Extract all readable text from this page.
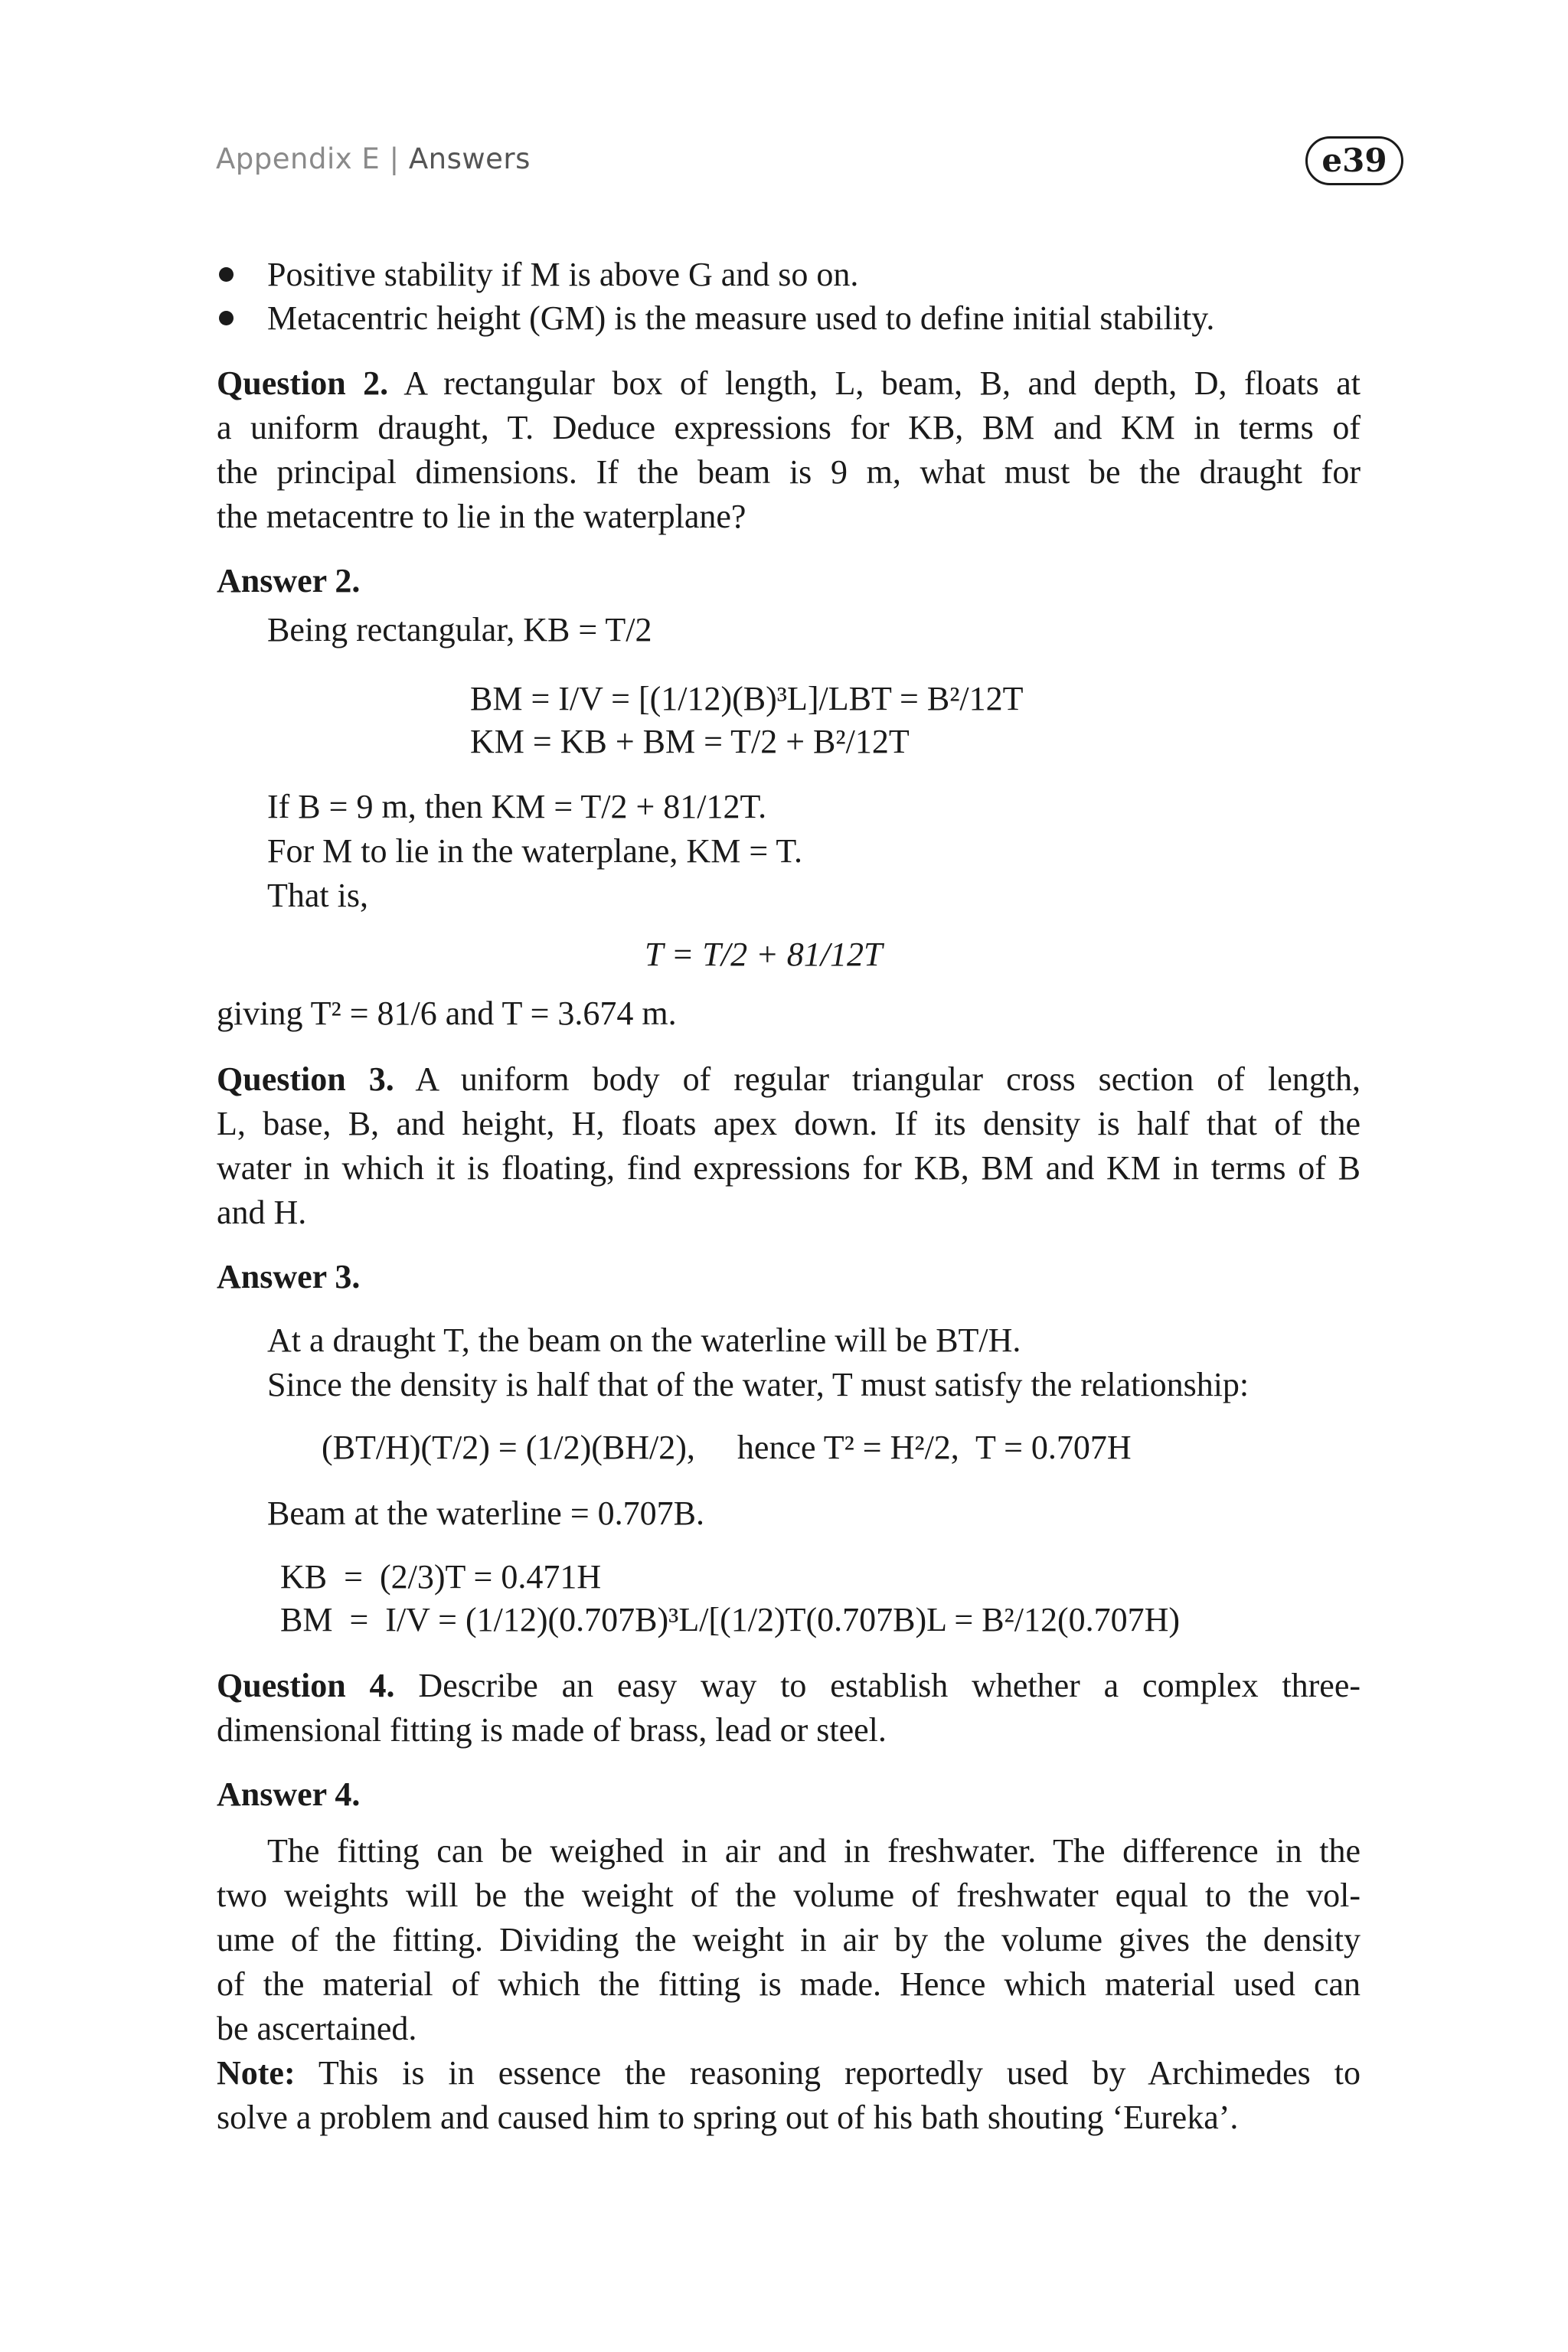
Appendix E | Answers	e39
Positive stability if M is above G and so on.
Metacentric height (GM) is the measure used to define initial stability.
Question 2. A rectangular box of length, L, beam, B, and depth, D, floats at
a uniform draught, T. Deduce expressions for KB, BM and KM in terms of
the principal dimensions. If the beam is 9 m, what must be the draught for
the metacentre to lie in the waterplane?
Answer 2.
Being rectangular, KB = T/2
BM = I/V = [(1/12)(B)³L]/LBT = B²/12T
KM = KB + BM = T/2 + B²/12T
If B = 9 m, then KM = T/2 + 81/12T.
For M to lie in the waterplane, KM = T.
That is,
T = T/2 + 81/12T
giving T² = 81/6 and T = 3.674 m.
Question 3. A uniform body of regular triangular cross section of length,
L, base, B, and height, H, floats apex down. If its density is half that of the
water in which it is floating, find expressions for KB, BM and KM in terms of B
and H.
Answer 3.
At a draught T, the beam on the waterline will be BT/H.
Since the density is half that of the water, T must satisfy the relationship:
(BT/H)(T/2) = (1/2)(BH/2),     hence T² = H²/2,  T = 0.707H
Beam at the waterline = 0.707B.
KB  =  (2/3)T = 0.471H
BM  =  I/V = (1/12)(0.707B)³L/[(1/2)T(0.707B)L = B²/12(0.707H)
Question 4. Describe an easy way to establish whether a complex three-
dimensional fitting is made of brass, lead or steel.
Answer 4.
The fitting can be weighed in air and in freshwater. The difference in the
two weights will be the weight of the volume of freshwater equal to the vol-
ume of the fitting. Dividing the weight in air by the volume gives the density
of the material of which the fitting is made. Hence which material used can
be ascertained.
Note: This is in essence the reasoning reportedly used by Archimedes to
solve a problem and caused him to spring out of his bath shouting ‘Eureka’.
